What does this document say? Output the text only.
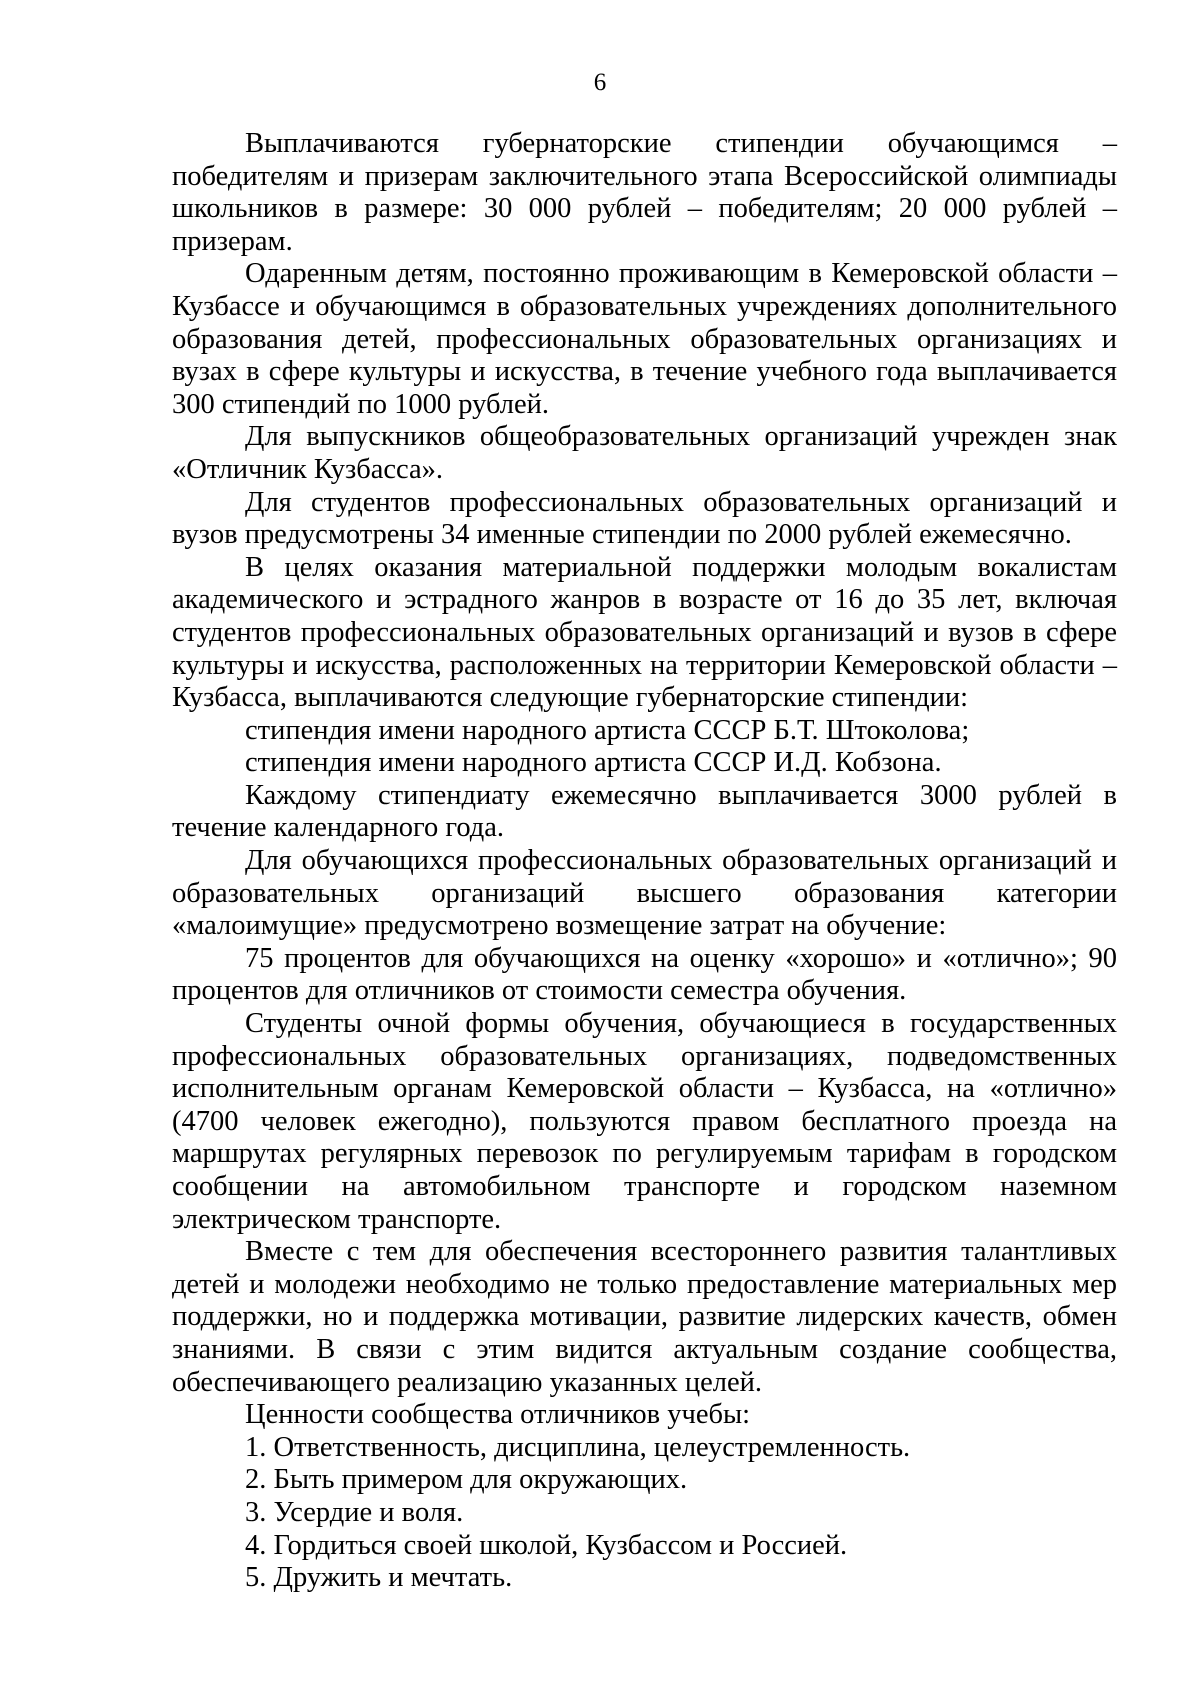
6

Выплачиваются губернаторские стипендии обучающимся – победителям и призерам заключительного этапа Всероссийской олимпиады школьников в размере: 30 000 рублей – победителям; 20 000 рублей – призерам.

Одаренным детям, постоянно проживающим в Кемеровской области – Кузбассе и обучающимся в образовательных учреждениях дополнительного образования детей, профессиональных образовательных организациях и вузах в сфере культуры и искусства, в течение учебного года выплачивается 300 стипендий по 1000 рублей.

Для выпускников общеобразовательных организаций учрежден знак «Отличник Кузбасса».

Для студентов профессиональных образовательных организаций и вузов предусмотрены 34 именные стипендии по 2000 рублей ежемесячно.

В целях оказания материальной поддержки молодым вокалистам академического и эстрадного жанров в возрасте от 16 до 35 лет, включая студентов профессиональных образовательных организаций и вузов в сфере культуры и искусства, расположенных на территории Кемеровской области – Кузбасса, выплачиваются следующие губернаторские стипендии:

стипендия имени народного артиста СССР Б.Т. Штоколова;

стипендия имени народного артиста СССР И.Д. Кобзона.

Каждому стипендиату ежемесячно выплачивается 3000 рублей в течение календарного года.

Для обучающихся профессиональных образовательных организаций и образовательных организаций высшего образования категории «малоимущие» предусмотрено возмещение затрат на обучение:

75 процентов для обучающихся на оценку «хорошо» и «отлично»; 90 процентов для отличников от стоимости семестра обучения.

Студенты очной формы обучения, обучающиеся в государственных профессиональных образовательных организациях, подведомственных исполнительным органам Кемеровской области – Кузбасса, на «отлично» (4700 человек ежегодно), пользуются правом бесплатного проезда на маршрутах регулярных перевозок по регулируемым тарифам в городском сообщении на автомобильном транспорте и городском наземном электрическом транспорте.

Вместе с тем для обеспечения всестороннего развития талантливых детей и молодежи необходимо не только предоставление материальных мер поддержки, но и поддержка мотивации, развитие лидерских качеств, обмен знаниями. В связи с этим видится актуальным создание сообщества, обеспечивающего реализацию указанных целей.

Ценности сообщества отличников учебы:

1. Ответственность, дисциплина, целеустремленность.

2. Быть примером для окружающих.

3. Усердие и воля.

4. Гордиться своей школой, Кузбассом и Россией.

5. Дружить и мечтать.
